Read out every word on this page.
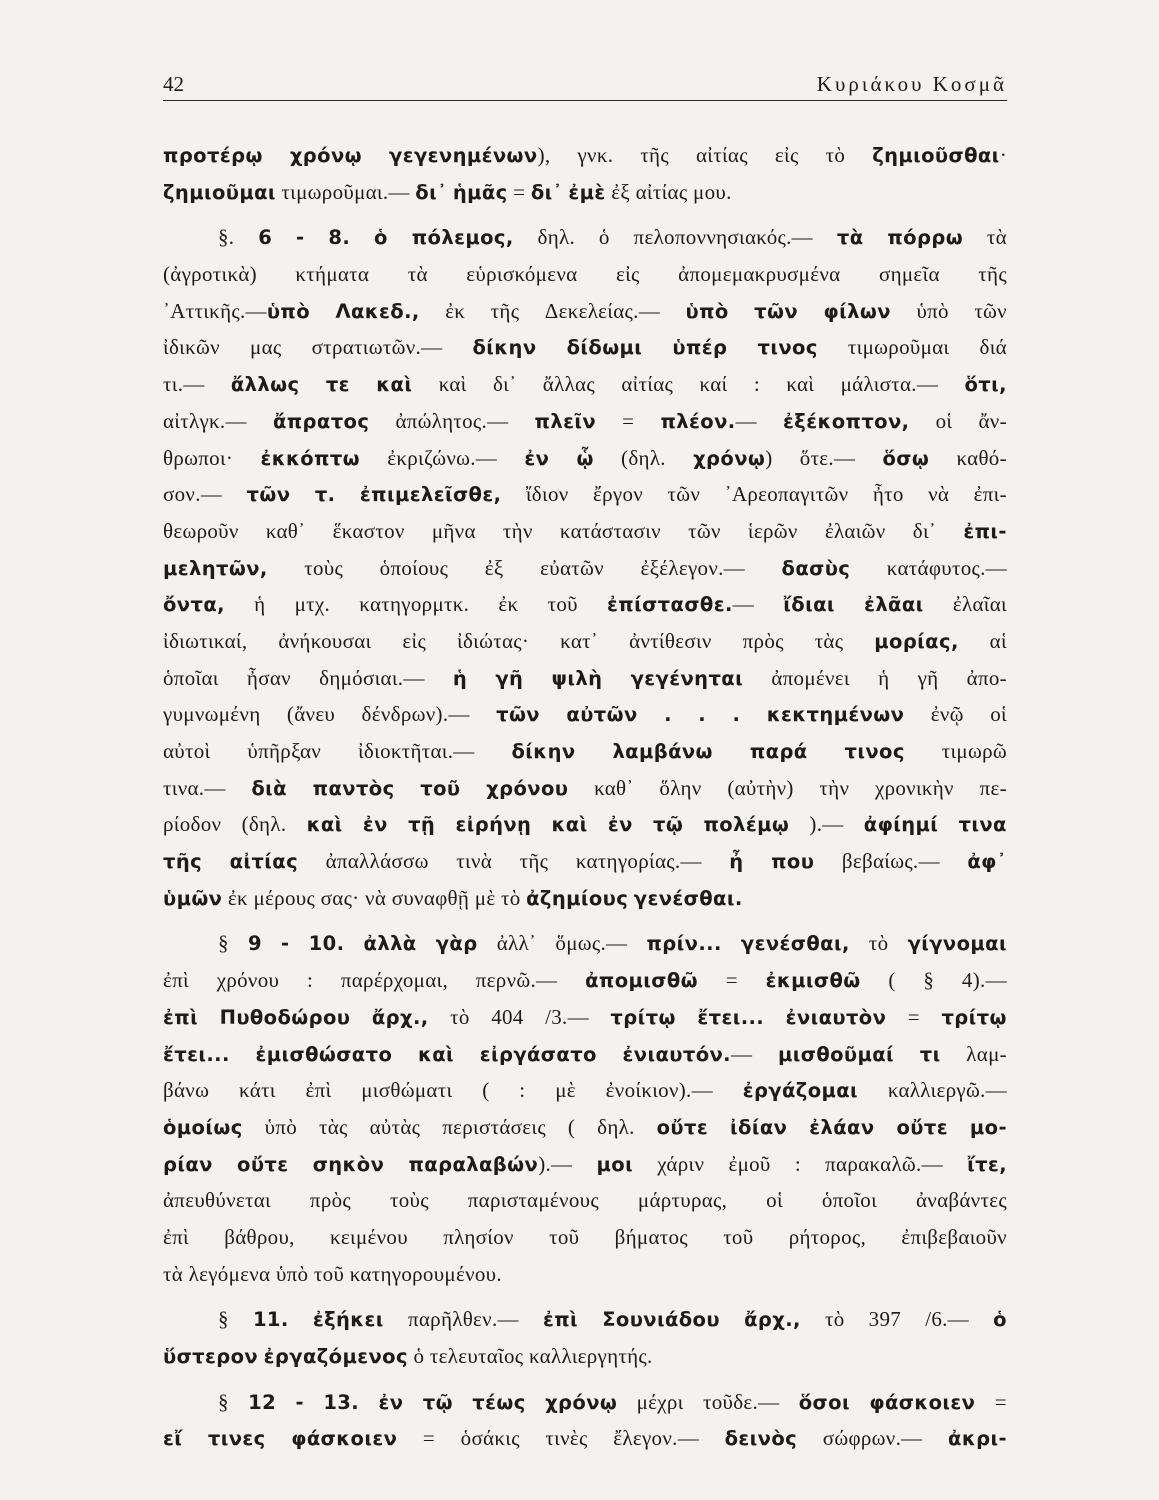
42	Κυριάκου Κοσμᾶ
προτέρῳ χρόνῳ γεγενημένων), γνκ. τῆς αἰτίας εἰς τὸ ζημιοῦσθαι·
ζημιοῦμαι τιμωροῦμαι.— δι᾿ ἡμᾶς = δι᾿ ἐμὲ ἐξ αἰτίας μου.
§. 6 - 8. ὁ πόλεμος, δηλ. ὁ πελοποννησιακός.— τὰ πόρρω τὰ
(ἀγροτικὰ) κτήματα τὰ εὑρισκόμενα εἰς ἀπομεμακρυσμένα σημεῖα τῆς
᾿Αττικῆς.—ὑπὸ Λακεδ., ἐκ τῆς Δεκελείας.— ὑπὸ τῶν φίλων ὑπὸ τῶν
ἰδικῶν μας στρατιωτῶν.— δίκην δίδωμι ὑπέρ τινος τιμωροῦμαι διά
τι.— ἄλλως τε καὶ καὶ δι᾿ ἄλλας αἰτίας καί : καὶ μάλιστα.— ὅτι,
αἰτλγκ.— ἄπρατος ἀπώλητος.— πλεῖν = πλέον.— ἐξέκοπτον, οἱ ἄν-
θρωποι· ἐκκόπτω ἐκριζώνω.— ἐν ᾧ (δηλ. χρόνῳ) ὅτε.— ὅσῳ καθό-
σον.— τῶν τ. ἐπιμελεῖσθε, ἴδιον ἔργον τῶν ᾿Αρεοπαγιτῶν ἦτο νὰ ἐπι-
θεωροῦν καθ᾿ ἕκαστον μῆνα τὴν κατάστασιν τῶν ἱερῶν ἐλαιῶν δι᾿ ἐπι-
μελητῶν, τοὺς ὁποίους ἐξ εὐατῶν ἐξέλεγον.— δασὺς κατάφυτος.—
ὄντα, ἡ μτχ. κατηγορμτκ. ἐκ τοῦ ἐπίστασθε.— ἴδιαι ἐλᾶαι ἐλαῖαι
ἰδιωτικαί, ἀνήκουσαι εἰς ἰδιώτας· κατ᾿ ἀντίθεσιν πρὸς τὰς μορίας, αἱ
ὁποῖαι ἦσαν δημόσιαι.— ἡ γῆ ψιλὴ γεγένηται ἀπομένει ἡ γῆ ἀπο-
γυμνωμένη (ἄνευ δένδρων).— τῶν αὐτῶν . . . κεκτημένων ἐνῷ οἱ
αὐτοὶ ὑπῆρξαν ἰδιοκτῆται.— δίκην λαμβάνω παρά τινος τιμωρῶ
τινα.— διὰ παντὸς τοῦ χρόνου καθ᾿ ὅλην (αὐτὴν) τὴν χρονικὴν πε-
ρίοδον (δηλ. καὶ ἐν τῇ εἰρήνῃ καὶ ἐν τῷ πολέμῳ ).— ἀφίημί τινα
τῆς αἰτίας ἀπαλλάσσω τινὰ τῆς κατηγορίας.— ἦ που βεβαίως.— ἀφ᾿
ὑμῶν ἐκ μέρους σας· νὰ συναφθῇ μὲ τὸ ἀζημίους γενέσθαι.
§ 9 - 10. ἀλλὰ γὰρ ἀλλ᾿ ὅμως.— πρίν... γενέσθαι, τὸ γίγνομαι
ἐπὶ χρόνου : παρέρχομαι, περνῶ.— ἀπομισθῶ = ἐκμισθῶ ( § 4).—
ἐπὶ Πυθοδώρου ἄρχ., τὸ 404 /3.— τρίτῳ ἔτει... ἐνιαυτὸν = τρίτῳ
ἔτει... ἐμισθώσατο καὶ εἰργάσατο ἐνιαυτόν.— μισθοῦμαί τι λαμ-
βάνω κάτι ἐπὶ μισθώματι ( : μὲ ἐνοίκιον).— ἐργάζομαι καλλιεργῶ.—
ὁμοίως ὑπὸ τὰς αὐτὰς περιστάσεις ( δηλ. οὔτε ἰδίαν ἐλάαν οὔτε μο-
ρίαν οὔτε σηκὸν παραλαβών).— μοι χάριν ἐμοῦ : παρακαλῶ.— ἴτε,
ἀπευθύνεται πρὸς τοὺς παρισταμένους μάρτυρας, οἱ ὁποῖοι ἀναβάντες
ἐπὶ βάθρου, κειμένου πλησίον τοῦ βήματος τοῦ ρήτορος, ἐπιβεβαιοῦν
τὰ λεγόμενα ὑπὸ τοῦ κατηγορουμένου.
§ 11. ἐξήκει παρῆλθεν.— ἐπὶ Σουνιάδου ἄρχ., τὸ 397 /6.— ὁ
ὕστερον ἐργαζόμενος ὁ τελευταῖος καλλιεργητής.
§ 12 - 13. ἐν τῷ τέως χρόνῳ μέχρι τοῦδε.— ὅσοι φάσκοιεν =
εἴ τινες φάσκοιεν = ὁσάκις τινὲς ἔλεγον.— δεινὸς σώφρων.— ἀκρι-
